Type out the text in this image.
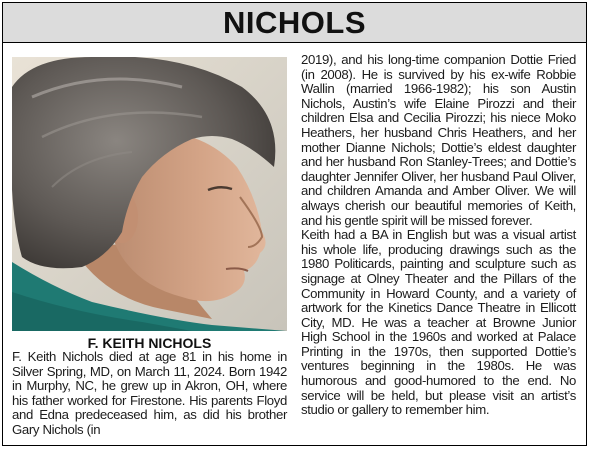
NICHOLS
F. KEITH NICHOLS

F. Keith Nichols died at age 81 in his home in Silver Spring, MD, on March 11, 2024. Born 1942 in Murphy, NC, he grew up in Akron, OH, where his father worked for Firestone. His parents Floyd and Edna predeceased him, as did his brother Gary Nichols (in

2019), and his long-time companion Dottie Fried (in 2008). He is survived by his ex-wife Robbie Wallin (married 1966-1982); his son Austin Nichols, Austin’s wife Elaine Pirozzi and their children Elsa and Cecilia Pirozzi; his niece Moko Heathers, her husband Chris Heathers, and her mother Dianne Nichols; Dottie’s eldest daughter and her husband Ron Stanley-Trees; and Dottie’s daughter Jennifer Oliver, her husband Paul Oliver, and children Amanda and Amber Oliver. We will always cherish our beautiful memories of Keith, and his gentle spirit will be missed forever.

Keith had a BA in English but was a visual artist his whole life, producing drawings such as the 1980 Politicards, painting and sculpture such as signage at Olney Theater and the Pillars of the Community in Howard County, and a variety of artwork for the Kinetics Dance Theatre in Ellicott City, MD. He was a teacher at Browne Junior High School in the 1960s and worked at Palace Printing in the 1970s, then supported Dottie’s ventures beginning in the 1980s. He was humorous and good-humored to the end. No service will be held, but please visit an artist’s studio or gallery to remember him.
